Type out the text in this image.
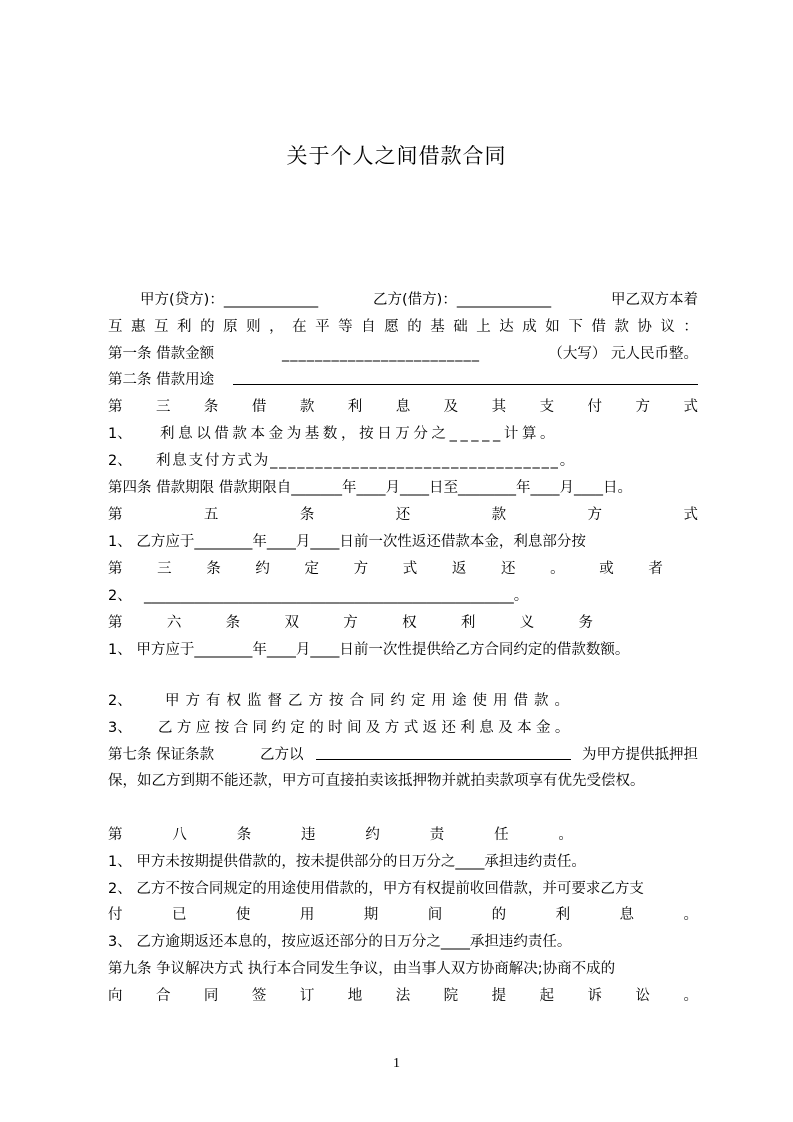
关于个人之间借款合同
甲方(贷方)：_____________	乙方(借方)：_____________	甲乙双方本着
互 惠 互 利 的 原 则 ， 在 平 等 自 愿 的 基 础 上 达 成 如 下 借 款 协 议 ：
第一条 借款金额	________________________	（大写） 元人民币整。
第二条 借款用途
第 三 条 借 款 利 息 及 其 支 付 方 式
1、 利息以借款本金为基数，按日万分之_____计算。
2、 利息支付方式为________________________________。
第四条 借款期限 借款期限自_______年____月____日至________年____月____日。
第	五	条	还	款	方	式
1、 乙方应于________年____月____日前一次性返还借款本金，利息部分按
第 三 条 约 定 方 式 返 还 。 或 者
2、 ___________________________________________________。
第	六	条	双	方	权	利	义	务
1、 甲方应于________年____月____日前一次性提供给乙方合同约定的借款数额。
2、 甲方有权监督乙方按合同约定用途使用借款。
3、 乙方应按合同约定的时间及方式返还利息及本金。
第七条 保证条款	乙方以	为甲方提供抵押担
保，如乙方到期不能还款，甲方可直接拍卖该抵押物并就拍卖款项享有优先受偿权。
第	八	条	违	约	责	任	。
1、 甲方未按期提供借款的，按未提供部分的日万分之____承担违约责任。
2、 乙方不按合同规定的用途使用借款的，甲方有权提前收回借款，并可要求乙方支
付	已	使	用	期	间	的	利	息	。
3、 乙方逾期返还本息的，按应返还部分的日万分之____承担违约责任。
第九条 争议解决方式 执行本合同发生争议，由当事人双方协商解决;协商不成的
向 合 同 签 订 地 法 院 提 起 诉 讼 。
1
